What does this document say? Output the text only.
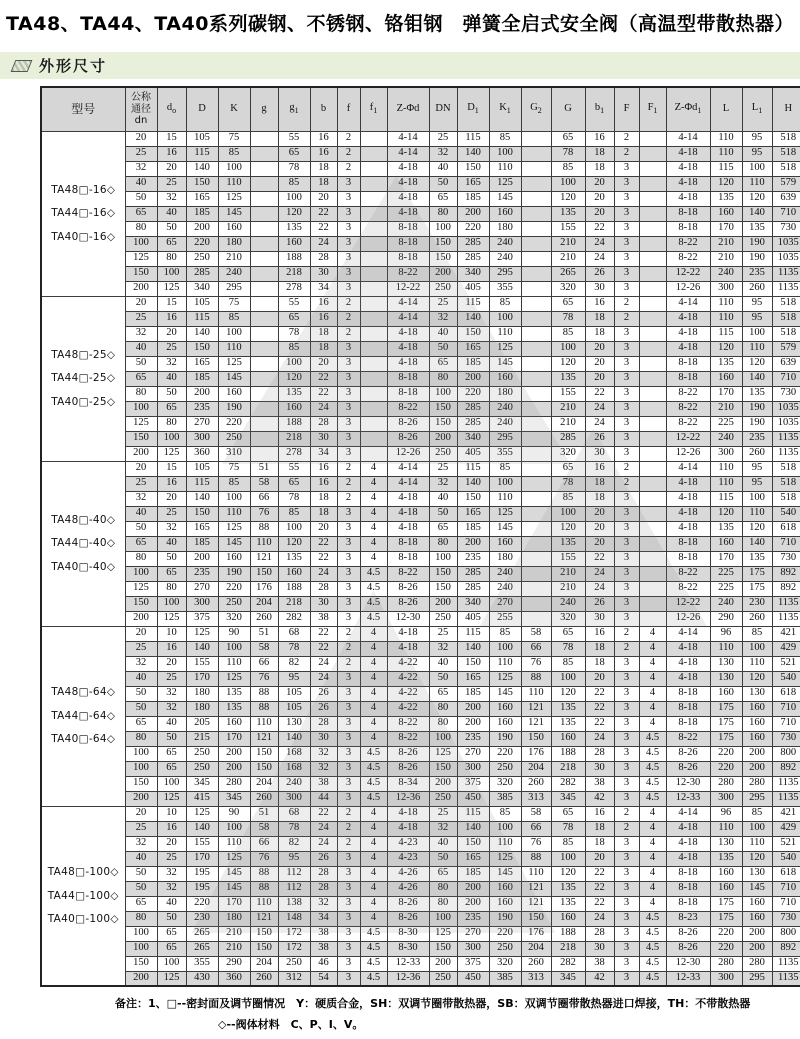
TA48、TA44、TA40系列碳钢、不锈钢、铬钼钢　弹簧全启式安全阀（高温型带散热器）
外形尺寸
型号	公称
通径
dn	$d_o$	D	K	g	$g_1$	b	f	$f_1$	Z-Φd	DN	$D_1$	$K_1$	$G_2$	G	$b_1$	F	$F_1$	$Z-\Phi d_1$	L	$L_1$	H

TA48□-16◇
TA44□-16◇
TA40□-16◇	20	15	105	75		55	16	2		4-14	25	115	85		65	16	2		4-14	110	95	518
	25	16	115	85		65	16	2		4-14	32	140	100		78	18	2		4-18	110	95	518
	32	20	140	100		78	18	2		4-18	40	150	110		85	18	3		4-18	115	100	518
	40	25	150	110		85	18	3		4-18	50	165	125		100	20	3		4-18	120	110	579
	50	32	165	125		100	20	3		4-18	65	185	145		120	20	3		4-18	135	120	639
	65	40	185	145		120	22	3		4-18	80	200	160		135	20	3		8-18	160	140	710
	80	50	200	160		135	22	3		8-18	100	220	180		155	22	3		8-18	170	135	730
	100	65	220	180		160	24	3		8-18	150	285	240		210	24	3		8-22	210	190	1035
	125	80	250	210		188	28	3		8-18	150	285	240		210	24	3		8-22	210	190	1035
	150	100	285	240		218	30	3		8-22	200	340	295		265	26	3		12-22	240	235	1135
	200	125	340	295		278	34	3		12-22	250	405	355		320	30	3		12-26	300	260	1135

TA48□-25◇
TA44□-25◇
TA40□-25◇	20	15	105	75		55	16	2		4-14	25	115	85		65	16	2		4-14	110	95	518
	25	16	115	85		65	16	2		4-14	32	140	100		78	18	2		4-18	110	95	518
	32	20	140	100		78	18	2		4-18	40	150	110		85	18	3		4-18	115	100	518
	40	25	150	110		85	18	3		4-18	50	165	125		100	20	3		4-18	120	110	579
	50	32	165	125		100	20	3		4-18	65	185	145		120	20	3		8-18	135	120	639
	65	40	185	145		120	22	3		8-18	80	200	160		135	20	3		8-18	160	140	710
	80	50	200	160		135	22	3		8-18	100	220	180		155	22	3		8-22	170	135	730
	100	65	235	190		160	24	3		8-22	150	285	240		210	24	3		8-22	210	190	1035
	125	80	270	220		188	28	3		8-26	150	285	240		210	24	3		8-22	225	190	1035
	150	100	300	250		218	30	3		8-26	200	340	295		285	26	3		12-22	240	235	1135
	200	125	360	310		278	34	3		12-26	250	405	355		320	30	3		12-26	300	260	1135

TA48□-40◇
TA44□-40◇
TA40□-40◇	20	15	105	75	51	55	16	2	4	4-14	25	115	85		65	16	2		4-14	110	95	518
	25	16	115	85	58	65	16	2	4	4-14	32	140	100		78	18	2		4-18	110	95	518
	32	20	140	100	66	78	18	2	4	4-18	40	150	110		85	18	3		4-18	115	100	518
	40	25	150	110	76	85	18	3	4	4-18	50	165	125		100	20	3		4-18	120	110	540
	50	32	165	125	88	100	20	3	4	4-18	65	185	145		120	20	3		4-18	135	120	618
	65	40	185	145	110	120	22	3	4	8-18	80	200	160		135	20	3		8-18	160	140	710
	80	50	200	160	121	135	22	3	4	8-18	100	235	180		155	22	3		8-18	170	135	730
	100	65	235	190	150	160	24	3	4.5	8-22	150	285	240		210	24	3		8-22	225	175	892
	125	80	270	220	176	188	28	3	4.5	8-26	150	285	240		210	24	3		8-22	225	175	892
	150	100	300	250	204	218	30	3	4.5	8-26	200	340	270		240	26	3		12-22	240	230	1135
	200	125	375	320	260	282	38	3	4.5	12-30	250	405	255		320	30	3		12-26	290	260	1135

TA48□-64◇
TA44□-64◇
TA40□-64◇	20	10	125	90	51	68	22	2	4	4-18	25	115	85	58	65	16	2	4	4-14	96	85	421
	25	16	140	100	58	78	22	2	4	4-18	32	140	100	66	78	18	2	4	4-18	110	100	429
	32	20	155	110	66	82	24	2	4	4-22	40	150	110	76	85	18	3	4	4-18	130	110	521
	40	25	170	125	76	95	24	3	4	4-22	50	165	125	88	100	20	3	4	4-18	130	120	540
	50	32	180	135	88	105	26	3	4	4-22	65	185	145	110	120	22	3	4	8-18	160	130	618
	50	32	180	135	88	105	26	3	4	4-22	80	200	160	121	135	22	3	4	8-18	175	160	710
	65	40	205	160	110	130	28	3	4	8-22	80	200	160	121	135	22	3	4	8-18	175	160	710
	80	50	215	170	121	140	30	3	4	8-22	100	235	190	150	160	24	3	4.5	8-22	175	160	730
	100	65	250	200	150	168	32	3	4.5	8-26	125	270	220	176	188	28	3	4.5	8-26	220	200	800
	100	65	250	200	150	168	32	3	4.5	8-26	150	300	250	204	218	30	3	4.5	8-26	220	200	892
	150	100	345	280	204	240	38	3	4.5	8-34	200	375	320	260	282	38	3	4.5	12-30	280	280	1135
	200	125	415	345	260	300	44	3	4.5	12-36	250	450	385	313	345	42	3	4.5	12-33	300	295	1135

TA48□-100◇
TA44□-100◇
TA40□-100◇	20	10	125	90	51	68	22	2	4	4-18	25	115	85	58	65	16	2	4	4-14	96	85	421
	25	16	140	100	58	78	24	2	4	4-18	32	140	100	66	78	18	2	4	4-18	110	100	429
	32	20	155	110	66	82	24	2	4	4-23	40	150	110	76	85	18	3	4	4-18	130	110	521
	40	25	170	125	76	95	26	3	4	4-23	50	165	125	88	100	20	3	4	4-18	135	120	540
	50	32	195	145	88	112	28	3	4	4-26	65	185	145	110	120	22	3	4	8-18	160	130	618
	50	32	195	145	88	112	28	3	4	4-26	80	200	160	121	135	22	3	4	8-18	160	145	710
	65	40	220	170	110	138	32	3	4	8-26	80	200	160	121	135	22	3	4	8-18	175	160	710
	80	50	230	180	121	148	34	3	4	8-26	100	235	190	150	160	24	3	4.5	8-23	175	160	730
	100	65	265	210	150	172	38	3	4.5	8-30	125	270	220	176	188	28	3	4.5	8-26	220	200	800
	100	65	265	210	150	172	38	3	4.5	8-30	150	300	250	204	218	30	3	4.5	8-26	220	200	892
	150	100	355	290	204	250	46	3	4.5	12-33	200	375	320	260	282	38	3	4.5	12-30	280	280	1135
	200	125	430	360	260	312	54	3	4.5	12-36	250	450	385	313	345	42	3	4.5	12-33	300	295	1135
备注：1、□--密封面及调节圈情况　Y：硬质合金，SH：双调节圈带散热器，SB：双调节圈带散热器进口焊接，TH：不带散热器
◇--阀体材料　C、P、I、V。
